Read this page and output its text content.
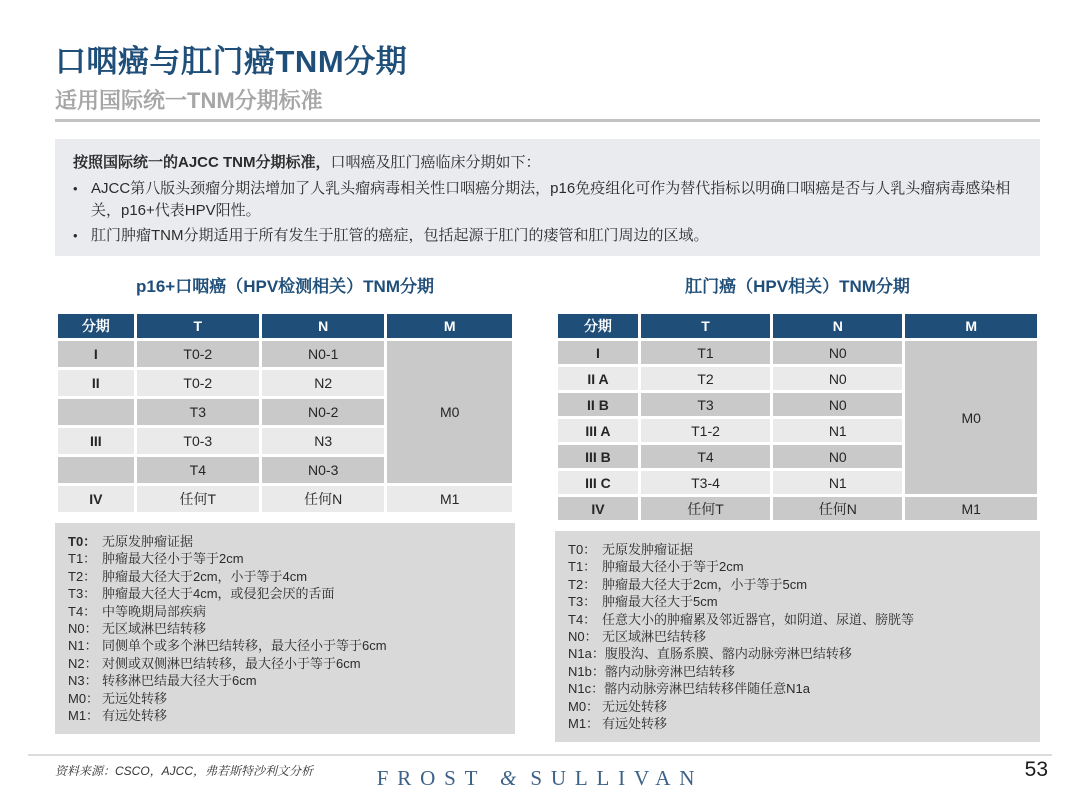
口咽癌与肛门癌TNM分期
适用国际统一TNM分期标准
按照国际统一的AJCC TNM分期标准，口咽癌及肛门癌临床分期如下：
• AJCC第八版头颈瘤分期法增加了人乳头瘤病毒相关性口咽癌分期法，p16免疫组化可作为替代指标以明确口咽癌是否与人乳头瘤病毒感染相关，p16+代表HPV阳性。
• 肛门肿瘤TNM分期适用于所有发生于肛管的癌症，包括起源于肛门的瘘管和肛门周边的区域。
p16+口咽癌（HPV检测相关）TNM分期
分期	T	N	M
I	T0-2	N0-1	M0
II	T0-2	N2	
	T3	N0-2	
III	T0-3	N3	
	T4	N0-3	
IV	任何T	任何N	M1
T0： 无原发肿瘤证据
T1： 肿瘤最大径小于等于2cm
T2： 肿瘤最大径大于2cm，小于等于4cm
T3： 肿瘤最大径大于4cm，或侵犯会厌的舌面
T4： 中等晚期局部疾病
N0： 无区域淋巴结转移
N1： 同侧单个或多个淋巴结转移，最大径小于等于6cm
N2： 对侧或双侧淋巴结转移，最大径小于等于6cm
N3： 转移淋巴结最大径大于6cm
M0： 无远处转移
M1： 有远处转移
肛门癌（HPV相关）TNM分期
分期	T	N	M
I	T1	N0	M0
II A	T2	N0	
II B	T3	N0	
III A	T1-2	N1	
III B	T4	N0	
III C	T3-4	N1	
IV	任何T	任何N	M1
T0： 无原发肿瘤证据
T1： 肿瘤最大径小于等于2cm
T2： 肿瘤最大径大于2cm，小于等于5cm
T3： 肿瘤最大径大于5cm
T4： 任意大小的肿瘤累及邻近器官，如阴道、尿道、膀胱等
N0： 无区域淋巴结转移
N1a：腹股沟、直肠系膜、髂内动脉旁淋巴结转移
N1b：髂内动脉旁淋巴结转移
N1c：髂内动脉旁淋巴结转移伴随任意N1a
M0： 无远处转移
M1： 有远处转移
资料来源：CSCO，AJCC，弗若斯特沙利文分析	FROST & SULLIVAN	53
